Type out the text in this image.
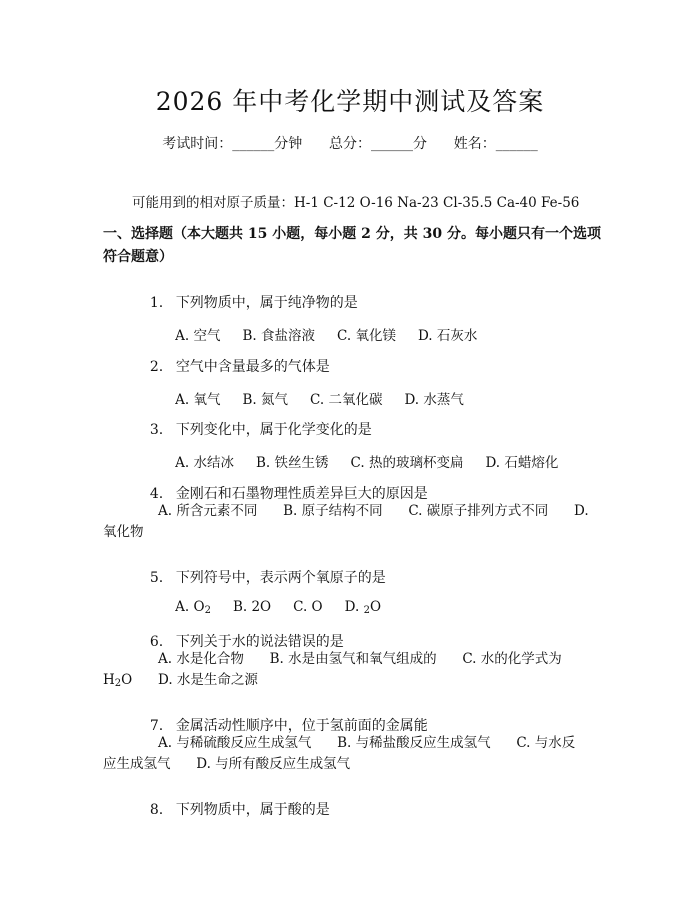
2026 年中考化学期中测试及答案
考试时间：______分钟      总分：______分      姓名：______
可能用到的相对原子质量：H-1 C-12 O-16 Na-23 Cl-35.5 Ca-40 Fe-56
一、选择题（本大题共 15 小题，每小题 2 分，共 30 分。每小题只有一个选项符合题意）

1. 下列物质中，属于纯净物的是

A. 空气 B. 食盐溶液 C. 氧化镁 D. 石灰水

2. 空气中含量最多的气体是

A. 氧气 B. 氮气 C. 二氧化碳 D. 水蒸气

3. 下列变化中，属于化学变化的是

A. 水结冰 B. 铁丝生锈 C. 热的玻璃杯变扁 D. 石蜡熔化

4. 金刚石和石墨物理性质差异巨大的原因是

A. 所含元素不同      B. 原子结构不同      C. 碳原子排列方式不同      D.
氧化物

5. 下列符号中，表示两个氧原子的是

A. $O_2$ B. 2O C. O D. $_2$O

6. 下列关于水的说法错误的是

A. 水是化合物      B. 水是由氢气和氧气组成的      C. 水的化学式为
$H_2O$      D. 水是生命之源

7. 金属活动性顺序中，位于氢前面的金属能

A. 与稀硫酸反应生成氢气      B. 与稀盐酸反应生成氢气      C. 与水反
应生成氢气      D. 与所有酸反应生成氢气

8. 下列物质中，属于酸的是
